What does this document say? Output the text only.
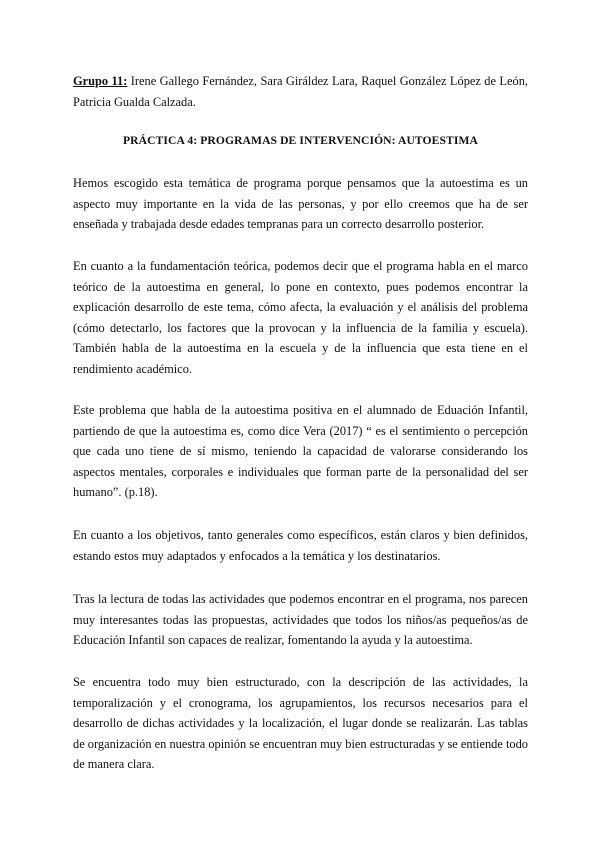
Grupo 11: Irene Gallego Fernández, Sara Giráldez Lara, Raquel González López de León, Patricia Gualda Calzada.

PRÁCTICA 4: PROGRAMAS DE INTERVENCIÓN: AUTOESTIMA

Hemos escogido esta temática de programa porque pensamos que la autoestima es un aspecto muy importante en la vida de las personas, y por ello creemos que ha de ser enseñada y trabajada desde edades tempranas para un correcto desarrollo posterior.

En cuanto a la fundamentación teórica, podemos decir que el programa habla en el marco teórico de la autoestima en general, lo pone en contexto, pues podemos encontrar la explicación desarrollo de este tema, cómo afecta, la evaluación y el análisis del problema (cómo detectarlo, los factores que la provocan y la influencia de la familia y escuela). También habla de la autoestima en la escuela y de la influencia que esta tiene en el rendimiento académico.

Este problema que habla de la autoestima positiva en el alumnado de Eduación Infantil, partiendo de que la autoestima es, como dice Vera (2017) “ es el sentimiento o percepción que cada uno tiene de sí mismo, teniendo la capacidad de valorarse considerando los aspectos mentales, corporales e individuales que forman parte de la personalidad del ser humano”. (p.18).

En cuanto a los objetivos, tanto generales como específicos, están claros y bien definidos, estando estos muy adaptados y enfocados a la temática y los destinatarios.

Tras la lectura de todas las actividades que podemos encontrar en el programa, nos parecen muy interesantes todas las propuestas, actividades que todos los niños/as pequeños/as de Educación Infantil son capaces de realizar, fomentando la ayuda y la autoestima.

Se encuentra todo muy bien estructurado, con la descripción de las actividades, la temporalización y el cronograma, los agrupamientos, los recursos necesarios para el desarrollo de dichas actividades y la localización, el lugar donde se realizarán. Las tablas de organización en nuestra opinión se encuentran muy bien estructuradas y se entiende todo de manera clara.
